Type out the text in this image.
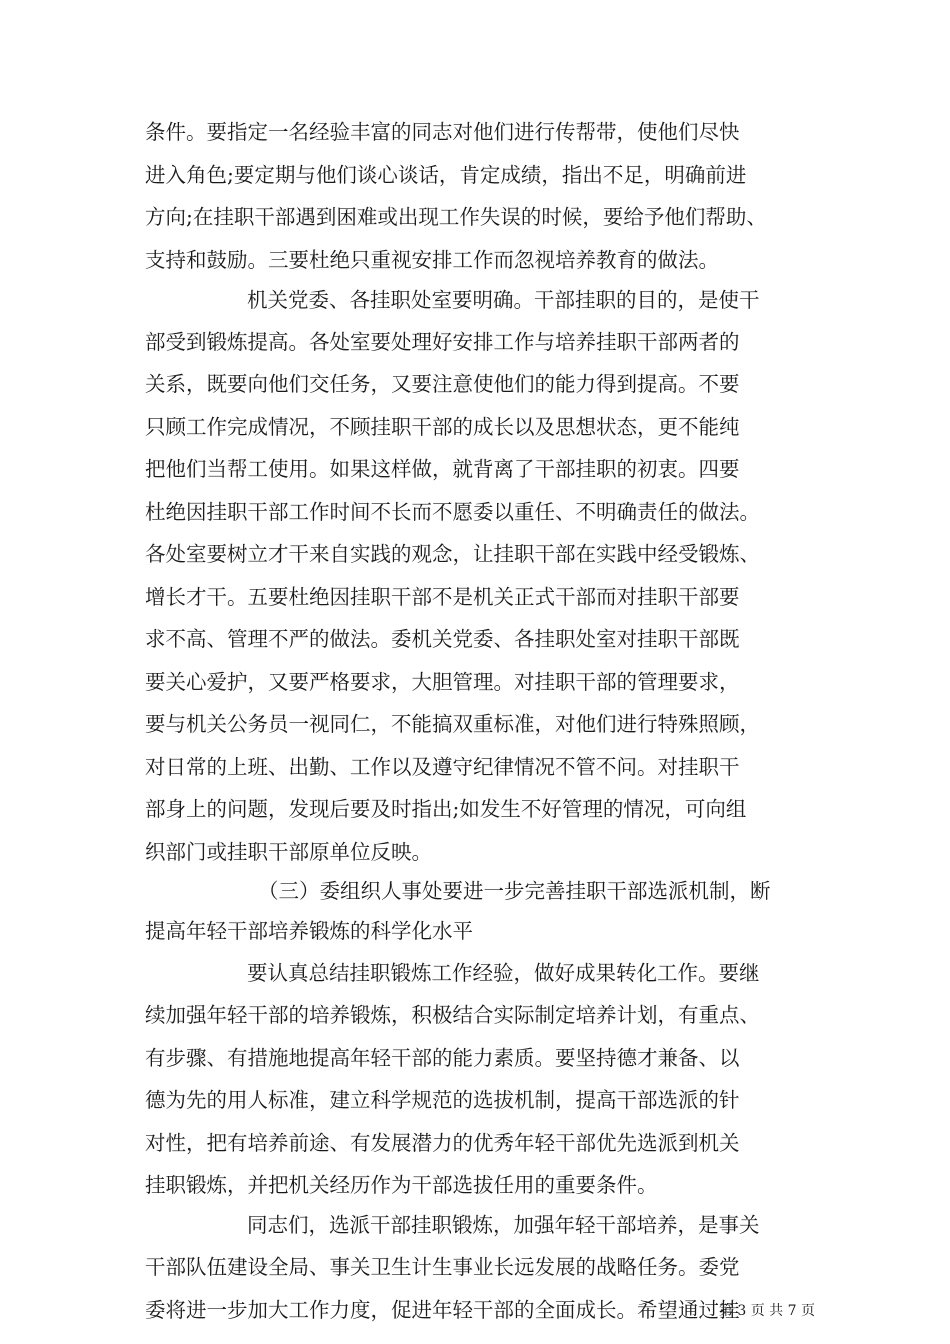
条件。要指定一名经验丰富的同志对他们进行传帮带，使他们尽快
进入角色;要定期与他们谈心谈话，肯定成绩，指出不足，明确前进
方向;在挂职干部遇到困难或出现工作失误的时候，要给予他们帮助、
支持和鼓励。三要杜绝只重视安排工作而忽视培养教育的做法。
机关党委、各挂职处室要明确。干部挂职的目的，是使干
部受到锻炼提高。各处室要处理好安排工作与培养挂职干部两者的
关系，既要向他们交任务，又要注意使他们的能力得到提高。不要
只顾工作完成情况，不顾挂职干部的成长以及思想状态，更不能纯
把他们当帮工使用。如果这样做，就背离了干部挂职的初衷。四要
杜绝因挂职干部工作时间不长而不愿委以重任、不明确责任的做法。
各处室要树立才干来自实践的观念，让挂职干部在实践中经受锻炼、
增长才干。五要杜绝因挂职干部不是机关正式干部而对挂职干部要
求不高、管理不严的做法。委机关党委、各挂职处室对挂职干部既
要关心爱护，又要严格要求，大胆管理。对挂职干部的管理要求，
要与机关公务员一视同仁，不能搞双重标准，对他们进行特殊照顾，
对日常的上班、出勤、工作以及遵守纪律情况不管不问。对挂职干
部身上的问题，发现后要及时指出;如发生不好管理的情况，可向组
织部门或挂职干部原单位反映。
（三）委组织人事处要进一步完善挂职干部选派机制，断
提高年轻干部培养锻炼的科学化水平
要认真总结挂职锻炼工作经验，做好成果转化工作。要继
续加强年轻干部的培养锻炼，积极结合实际制定培养计划，有重点、
有步骤、有措施地提高年轻干部的能力素质。要坚持德才兼备、以
德为先的用人标准，建立科学规范的选拔机制，提高干部选派的针
对性，把有培养前途、有发展潜力的优秀年轻干部优先选派到机关
挂职锻炼，并把机关经历作为干部选拔任用的重要条件。
同志们，选派干部挂职锻炼，加强年轻干部培养，是事关
干部队伍建设全局、事关卫生计生事业长远发展的战略任务。委党
委将进一步加大工作力度，促进年轻干部的全面成长。希望通过挂
第 3 页 共 7 页
